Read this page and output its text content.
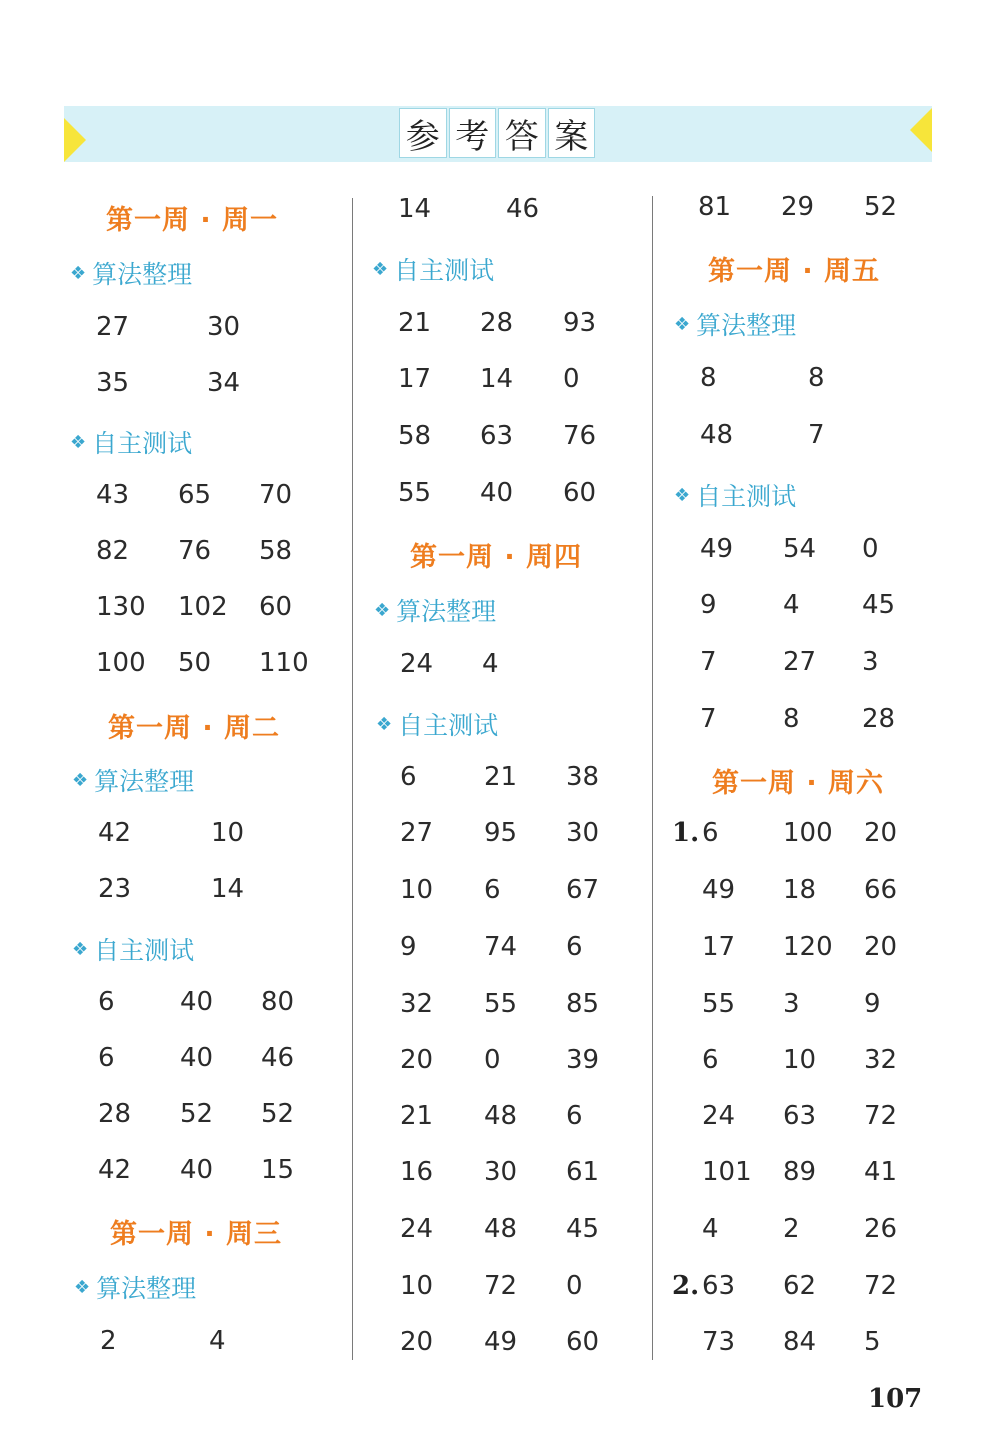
参 考 答 案
第一周 · 周一
❖ 算法整理
27	30
35	34
❖ 自主测试
43 65 70
82 76 58
130 102 60
100 50 110
第一周 · 周二
❖ 算法整理
42	10
23	14
❖ 自主测试
6	40 80
6	40 46
28 52 52
42 40 15
第一周 · 周三
❖ 算法整理
2	4
14	46
❖ 自主测试
21 28 93
17 14 0
58 63 76
55 40 60
第一周 · 周四
❖ 算法整理
24 4
❖ 自主测试
6	21 38
27 95 30
10 6	67
9	74 6
32 55 85
20 0	39
21 48 6
16 30 61
24 48 45
10 72 0
20 49 60
81 29 52
第一周 · 周五
❖ 算法整理
8	8
48	7
❖ 自主测试
49 54 0
9	4 45
7	27 3
7	8 28
第一周 · 周六
1. 6 100 20
49 18 66
17 120 20
55 3 9
6 10 32
24 63 72
101 89 41
4 2 26
2. 63 62 72
73 84 5
107
